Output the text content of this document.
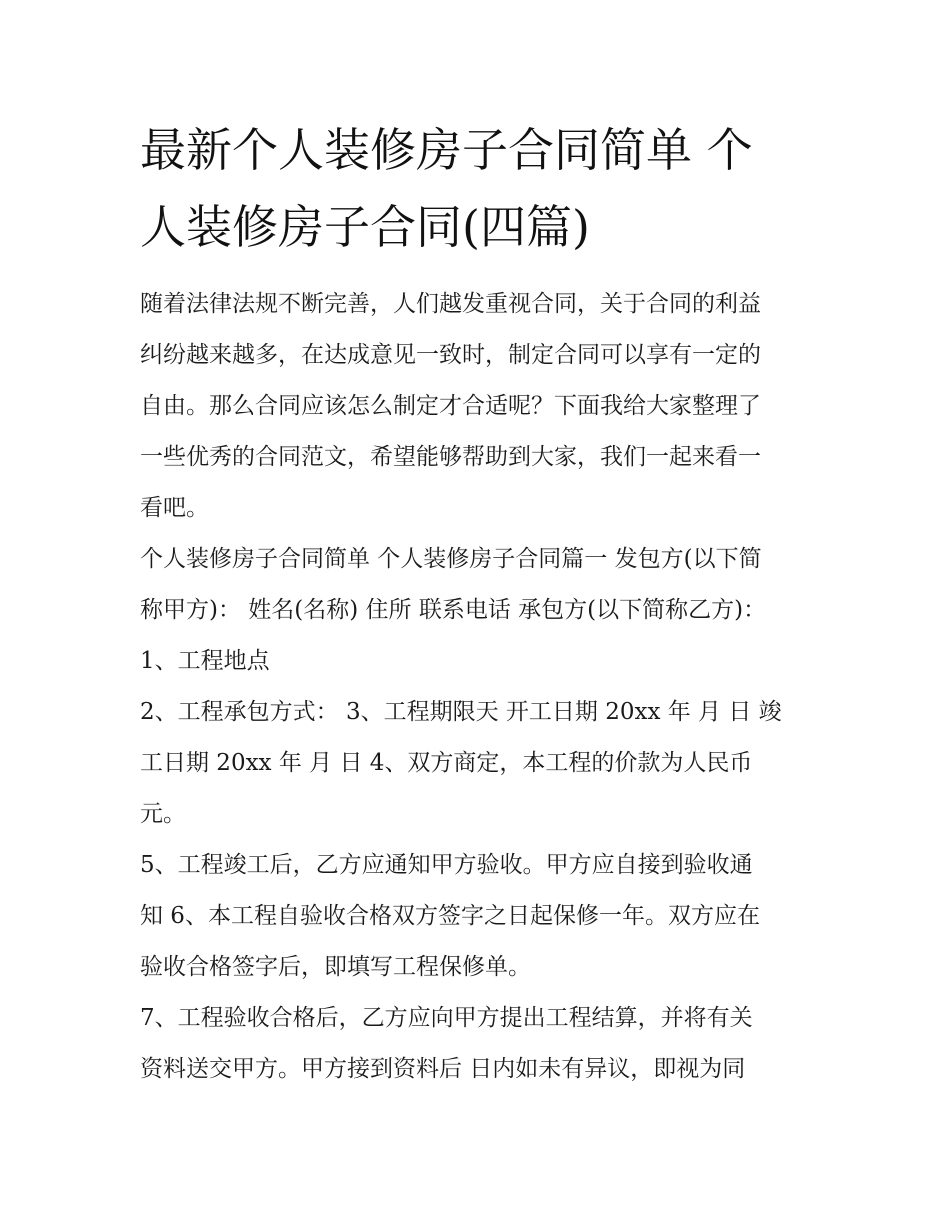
最新个人装修房子合同简单 个
人装修房子合同(四篇)
随着法律法规不断完善，人们越发重视合同，关于合同的利益
纠纷越来越多，在达成意见一致时，制定合同可以享有一定的
自由。那么合同应该怎么制定才合适呢？下面我给大家整理了
一些优秀的合同范文，希望能够帮助到大家，我们一起来看一
看吧。
个人装修房子合同简单 个人装修房子合同篇一 发包方(以下简
称甲方)： 姓名(名称) 住所 联系电话 承包方(以下简称乙方)：
1、工程地点
2、工程承包方式： 3、工程期限天 开工日期 20xx 年 月 日 竣
工日期 20xx 年 月 日 4、双方商定，本工程的价款为人民币
元。
5、工程竣工后，乙方应通知甲方验收。甲方应自接到验收通
知 6、本工程自验收合格双方签字之日起保修一年。双方应在
验收合格签字后，即填写工程保修单。
7、工程验收合格后，乙方应向甲方提出工程结算，并将有关
资料送交甲方。甲方接到资料后 日内如未有异议，即视为同
